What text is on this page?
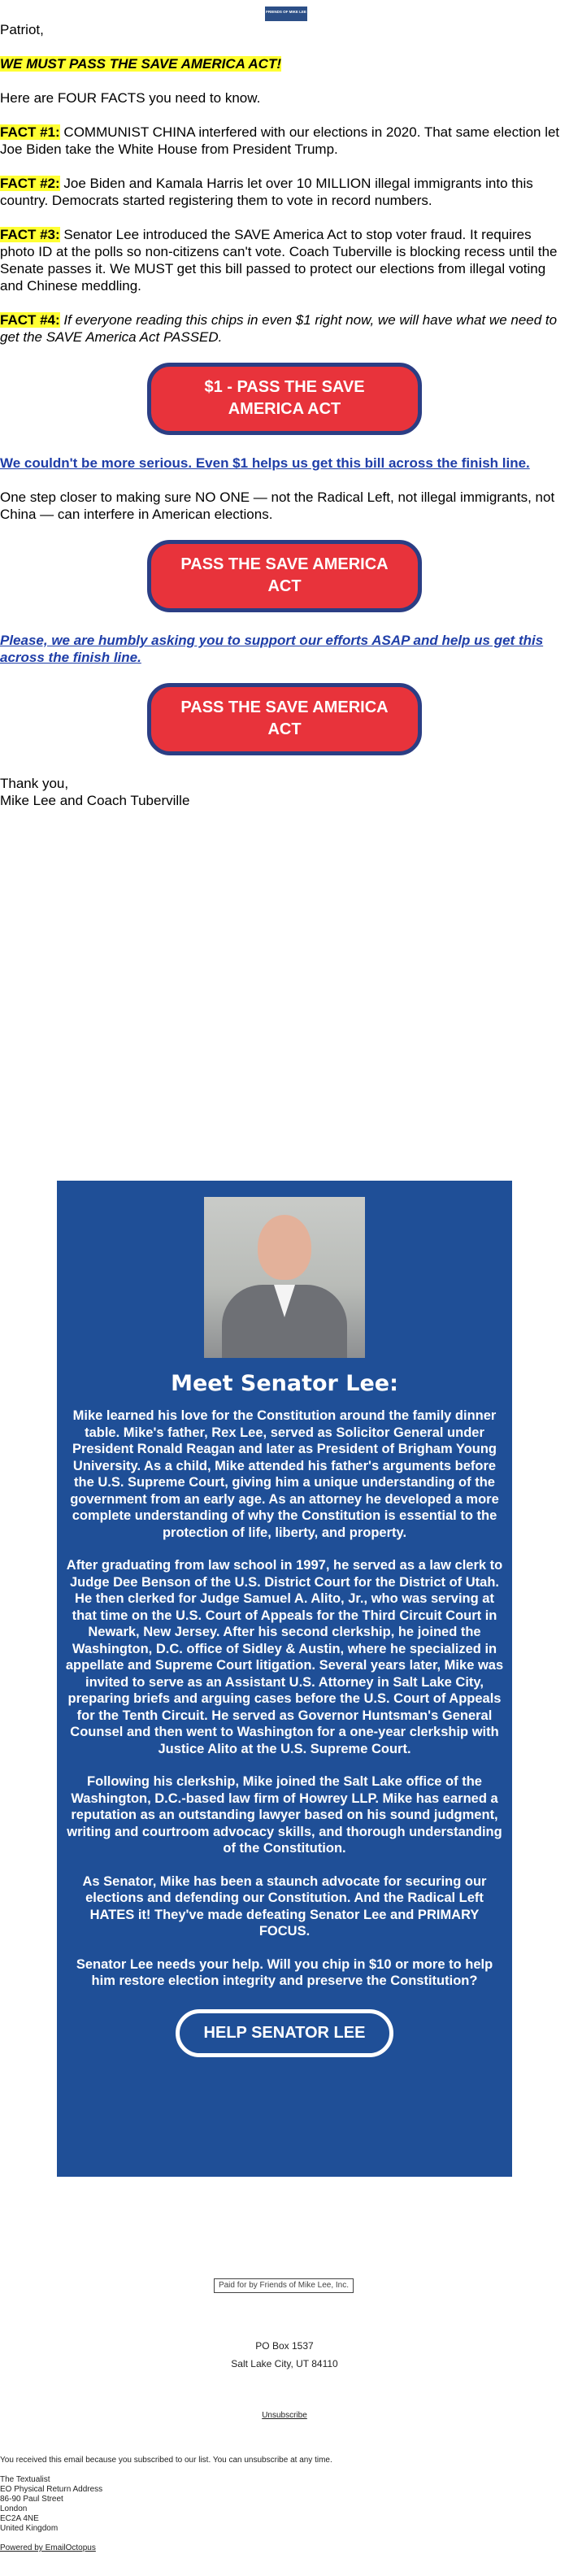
FRIENDS OF MIKE LEE

Patriot,

WE MUST PASS THE SAVE AMERICA ACT!

Here are FOUR FACTS you need to know.

FACT #1: COMMUNIST CHINA interfered with our elections in 2020. That same election let Joe Biden take the White House from President Trump.

FACT #2: Joe Biden and Kamala Harris let over 10 MILLION illegal immigrants into this country. Democrats started registering them to vote in record numbers.

FACT #3: Senator Lee introduced the SAVE America Act to stop voter fraud. It requires photo ID at the polls so non-citizens can't vote. Coach Tuberville is blocking recess until the Senate passes it. We MUST get this bill passed to protect our elections from illegal voting and Chinese meddling.

FACT #4: If everyone reading this chips in even $1 right now, we will have what we need to get the SAVE America Act PASSED.

$1 - PASS THE SAVE AMERICA ACT

We couldn't be more serious. Even $1 helps us get this bill across the finish line.

One step closer to making sure NO ONE — not the Radical Left, not illegal immigrants, not China — can interfere in American elections.

PASS THE SAVE AMERICA ACT

Please, we are humbly asking you to support our efforts ASAP and help us get this across the finish line.

PASS THE SAVE AMERICA ACT
Thank you,
Mike Lee and Coach Tuberville
Meet Senator Lee:

Mike learned his love for the Constitution around the family dinner table. Mike's father, Rex Lee, served as Solicitor General under President Ronald Reagan and later as President of Brigham Young University. As a child, Mike attended his father's arguments before the U.S. Supreme Court, giving him a unique understanding of the government from an early age. As an attorney he developed a more complete understanding of why the Constitution is essential to the protection of life, liberty, and property.

After graduating from law school in 1997, he served as a law clerk to Judge Dee Benson of the U.S. District Court for the District of Utah. He then clerked for Judge Samuel A. Alito, Jr., who was serving at that time on the U.S. Court of Appeals for the Third Circuit Court in Newark, New Jersey. After his second clerkship, he joined the Washington, D.C. office of Sidley & Austin, where he specialized in appellate and Supreme Court litigation. Several years later, Mike was invited to serve as an Assistant U.S. Attorney in Salt Lake City, preparing briefs and arguing cases before the U.S. Court of Appeals for the Tenth Circuit. He served as Governor Huntsman's General Counsel and then went to Washington for a one-year clerkship with Justice Alito at the U.S. Supreme Court.

Following his clerkship, Mike joined the Salt Lake office of the Washington, D.C.-based law firm of Howrey LLP. Mike has earned a reputation as an outstanding lawyer based on his sound judgment, writing and courtroom advocacy skills, and thorough understanding of the Constitution.

As Senator, Mike has been a staunch advocate for securing our elections and defending our Constitution. And the Radical Left HATES it! They've made defeating Senator Lee and PRIMARY FOCUS.

Senator Lee needs your help. Will you chip in $10 or more to help him restore election integrity and preserve the Constitution?

HELP SENATOR LEE
Paid for by Friends of Mike Lee, Inc.
PO Box 1537
Salt Lake City, UT 84110
Unsubscribe

You received this email because you subscribed to our list. You can unsubscribe at any time.

The Textualist
EO Physical Return Address
86-90 Paul Street
London
EC2A 4NE
United Kingdom
Powered by EmailOctopus
